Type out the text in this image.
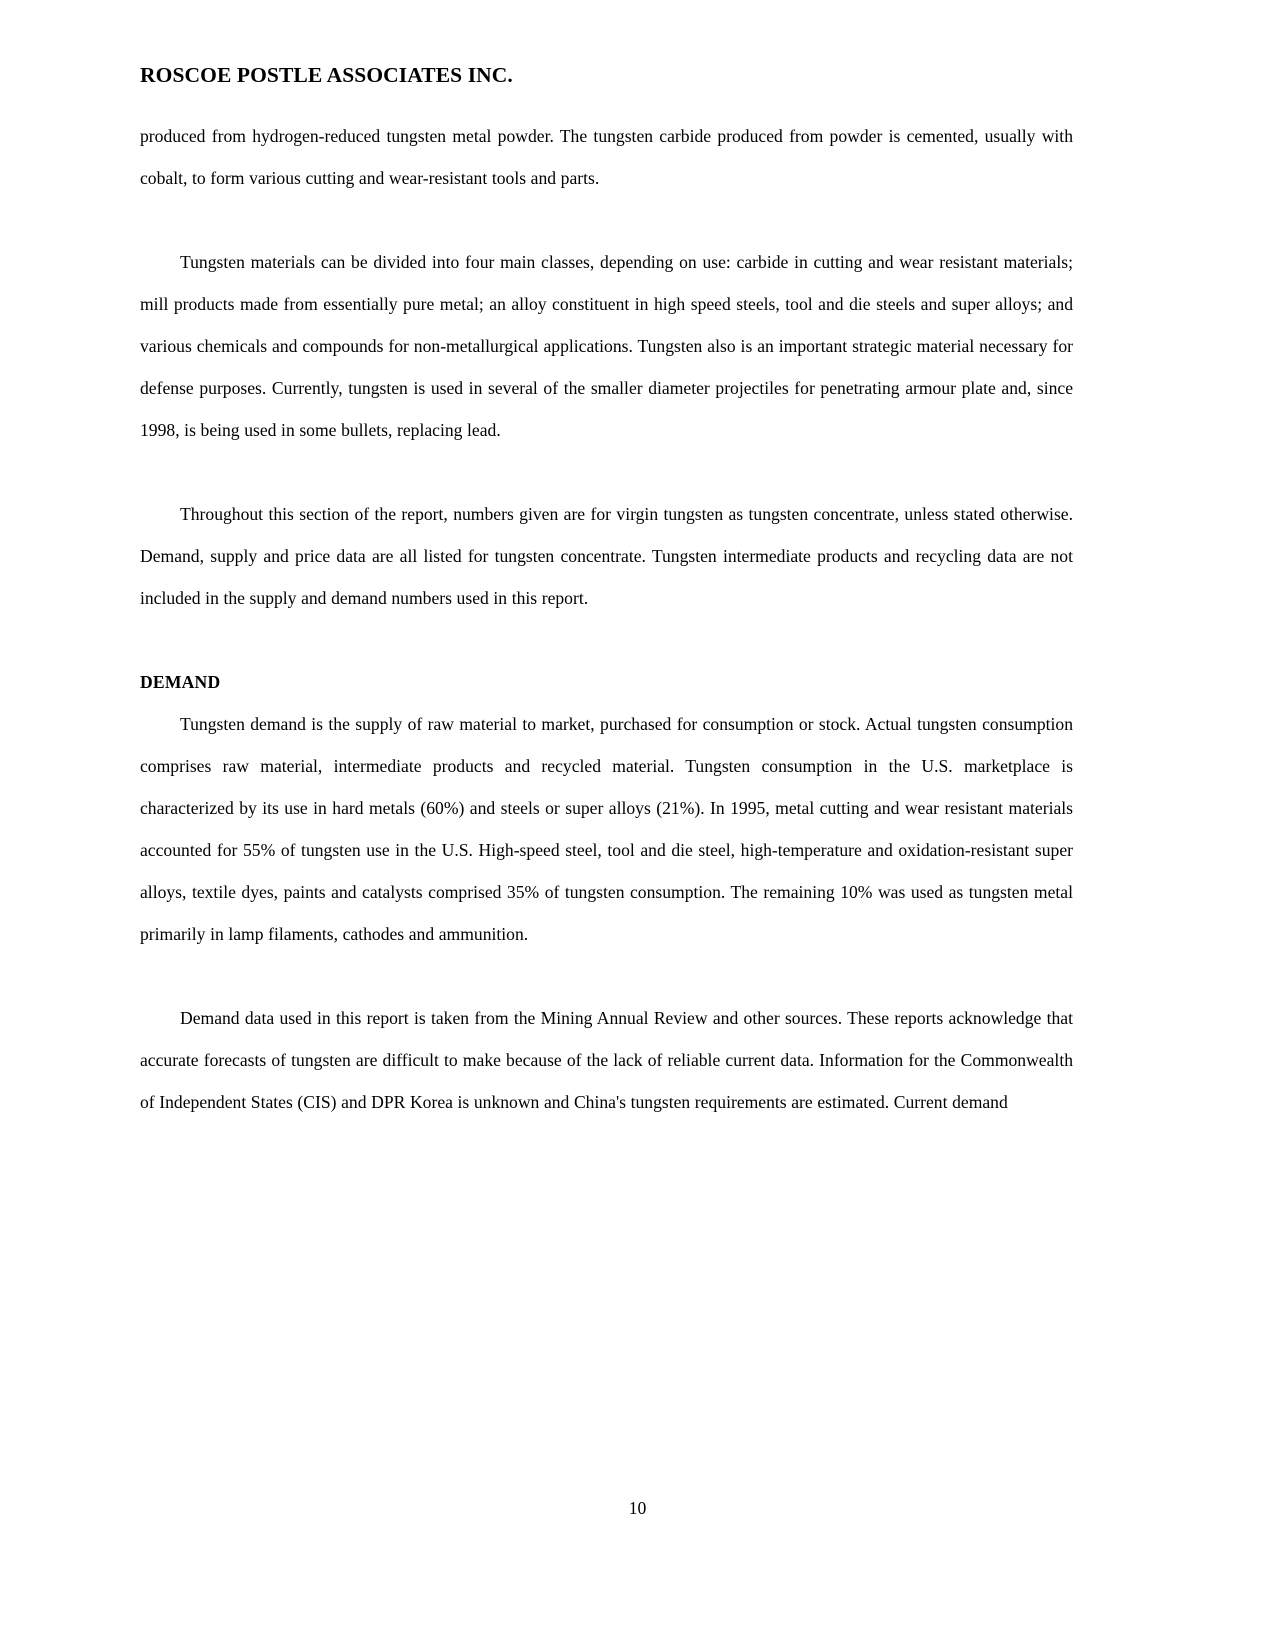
ROSCOE POSTLE ASSOCIATES INC.

produced from hydrogen-reduced tungsten metal powder. The tungsten carbide produced from powder is cemented, usually with cobalt, to form various cutting and wear-resistant tools and parts.

Tungsten materials can be divided into four main classes, depending on use: carbide in cutting and wear resistant materials; mill products made from essentially pure metal; an alloy constituent in high speed steels, tool and die steels and super alloys; and various chemicals and compounds for non-metallurgical applications. Tungsten also is an important strategic material necessary for defense purposes. Currently, tungsten is used in several of the smaller diameter projectiles for penetrating armour plate and, since 1998, is being used in some bullets, replacing lead.

Throughout this section of the report, numbers given are for virgin tungsten as tungsten concentrate, unless stated otherwise. Demand, supply and price data are all listed for tungsten concentrate. Tungsten intermediate products and recycling data are not included in the supply and demand numbers used in this report.

DEMAND

Tungsten demand is the supply of raw material to market, purchased for consumption or stock. Actual tungsten consumption comprises raw material, intermediate products and recycled material. Tungsten consumption in the U.S. marketplace is characterized by its use in hard metals (60%) and steels or super alloys (21%). In 1995, metal cutting and wear resistant materials accounted for 55% of tungsten use in the U.S. High-speed steel, tool and die steel, high-temperature and oxidation-resistant super alloys, textile dyes, paints and catalysts comprised 35% of tungsten consumption. The remaining 10% was used as tungsten metal primarily in lamp filaments, cathodes and ammunition.

Demand data used in this report is taken from the Mining Annual Review and other sources. These reports acknowledge that accurate forecasts of tungsten are difficult to make because of the lack of reliable current data. Information for the Commonwealth of Independent States (CIS) and DPR Korea is unknown and China's tungsten requirements are estimated. Current demand

10
